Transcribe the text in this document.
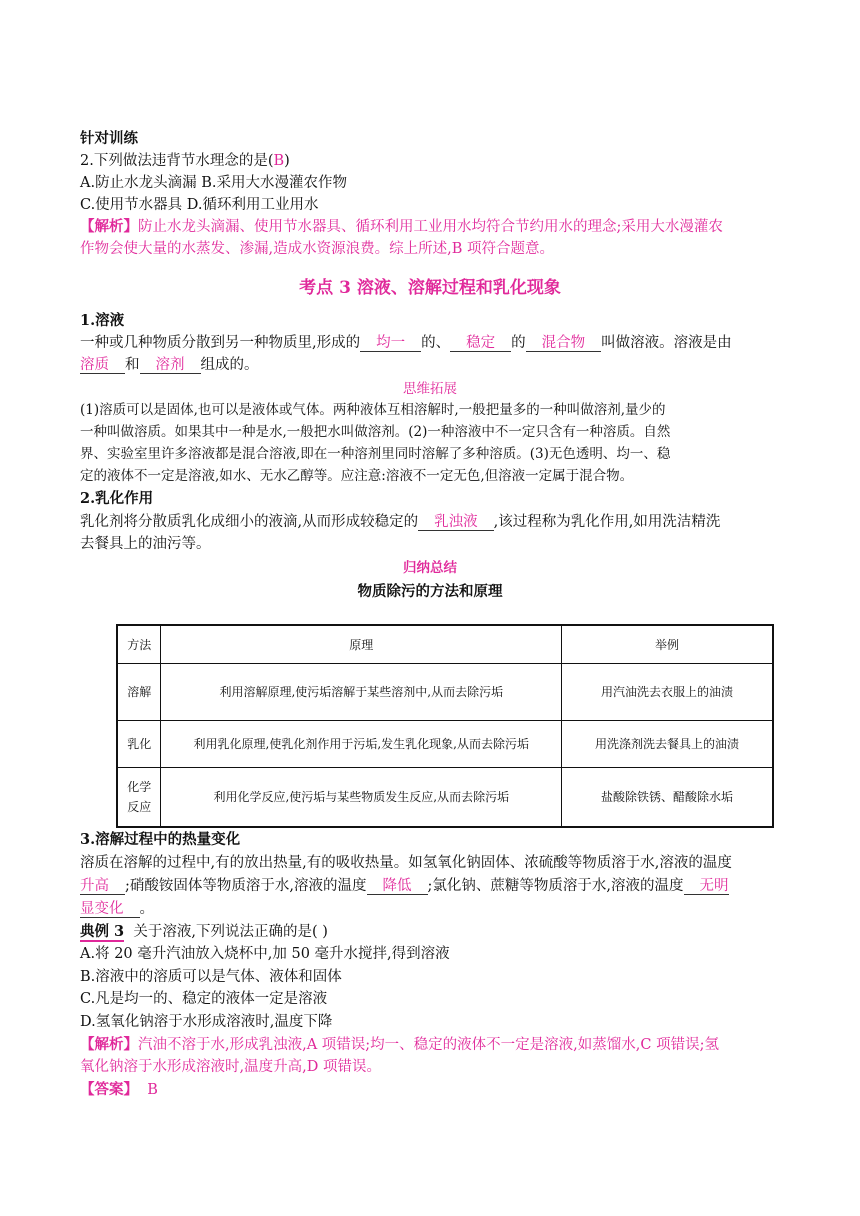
针对训练
2.下列做法违背节水理念的是(B)
A.防止水龙头滴漏 B.采用大水漫灌农作物
C.使用节水器具 D.循环利用工业用水
【解析】防止水龙头滴漏、使用节水器具、循环利用工业用水均符合节约用水的理念;采用大水漫灌农
作物会使大量的水蒸发、渗漏,造成水资源浪费。综上所述,B 项符合题意。
考点 3 溶液、溶解过程和乳化现象
1.溶液
一种或几种物质分散到另一种物质里,形成的 均一 的、 稳定 的 混合物 叫做溶液。溶液是由
溶质 和 溶剂 组成的。
思维拓展
(1)溶质可以是固体,也可以是液体或气体。两种液体互相溶解时,一般把量多的一种叫做溶剂,量少的
一种叫做溶质。如果其中一种是水,一般把水叫做溶剂。(2)一种溶液中不一定只含有一种溶质。自然
界、实验室里许多溶液都是混合溶液,即在一种溶剂里同时溶解了多种溶质。(3)无色透明、均一、稳
定的液体不一定是溶液,如水、无水乙醇等。应注意:溶液不一定无色,但溶液一定属于混合物。
2.乳化作用
乳化剂将分散质乳化成细小的液滴,从而形成较稳定的 乳浊液 ,该过程称为乳化作用,如用洗洁精洗
去餐具上的油污等。
归纳总结
物质除污的方法和原理
方法	原理	举例
溶解	利用溶解原理,使污垢溶解于某些溶剂中,从而去除污垢	用汽油洗去衣服上的油渍
乳化	利用乳化原理,使乳化剂作用于污垢,发生乳化现象,从而去除污垢	用洗涤剂洗去餐具上的油渍
化学
反应	利用化学反应,使污垢与某些物质发生反应,从而去除污垢	盐酸除铁锈、醋酸除水垢
3.溶解过程中的热量变化
溶质在溶解的过程中,有的放出热量,有的吸收热量。如氢氧化钠固体、浓硫酸等物质溶于水,溶液的温度
升高 ;硝酸铵固体等物质溶于水,溶液的温度 降低 ;氯化钠、蔗糖等物质溶于水,溶液的温度 无明
显变化 。
典例 3 关于溶液,下列说法正确的是( )
A.将 20 毫升汽油放入烧杯中,加 50 毫升水搅拌,得到溶液
B.溶液中的溶质可以是气体、液体和固体
C.凡是均一的、稳定的液体一定是溶液
D.氢氧化钠溶于水形成溶液时,温度下降
【解析】汽油不溶于水,形成乳浊液,A 项错误;均一、稳定的液体不一定是溶液,如蒸馏水,C 项错误;氢
氧化钠溶于水形成溶液时,温度升高,D 项错误。
【答案】 B
